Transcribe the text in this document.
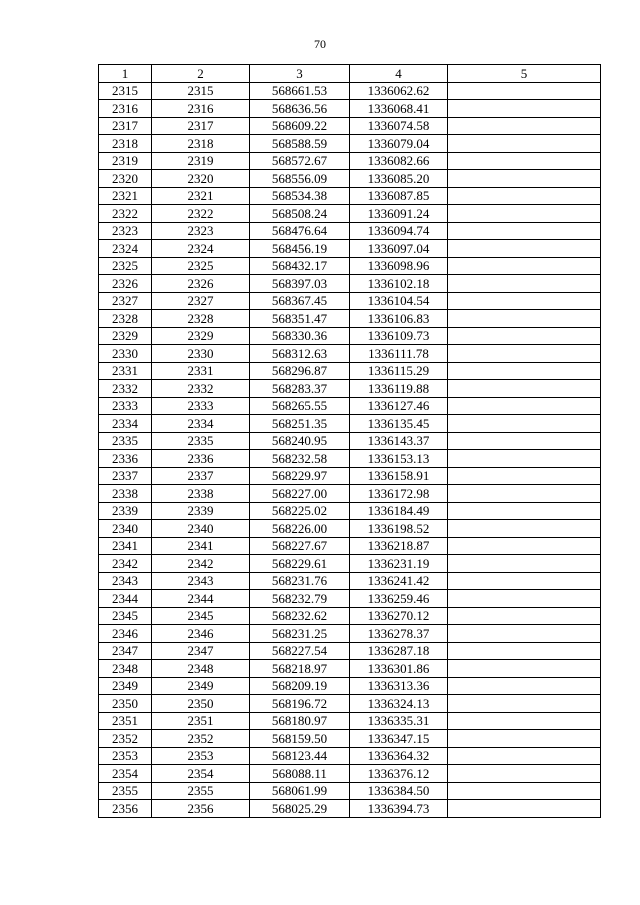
70
1	2	3	4	5
2315	2315	568661.53	1336062.62	
2316	2316	568636.56	1336068.41	
2317	2317	568609.22	1336074.58	
2318	2318	568588.59	1336079.04	
2319	2319	568572.67	1336082.66	
2320	2320	568556.09	1336085.20	
2321	2321	568534.38	1336087.85	
2322	2322	568508.24	1336091.24	
2323	2323	568476.64	1336094.74	
2324	2324	568456.19	1336097.04	
2325	2325	568432.17	1336098.96	
2326	2326	568397.03	1336102.18	
2327	2327	568367.45	1336104.54	
2328	2328	568351.47	1336106.83	
2329	2329	568330.36	1336109.73	
2330	2330	568312.63	1336111.78	
2331	2331	568296.87	1336115.29	
2332	2332	568283.37	1336119.88	
2333	2333	568265.55	1336127.46	
2334	2334	568251.35	1336135.45	
2335	2335	568240.95	1336143.37	
2336	2336	568232.58	1336153.13	
2337	2337	568229.97	1336158.91	
2338	2338	568227.00	1336172.98	
2339	2339	568225.02	1336184.49	
2340	2340	568226.00	1336198.52	
2341	2341	568227.67	1336218.87	
2342	2342	568229.61	1336231.19	
2343	2343	568231.76	1336241.42	
2344	2344	568232.79	1336259.46	
2345	2345	568232.62	1336270.12	
2346	2346	568231.25	1336278.37	
2347	2347	568227.54	1336287.18	
2348	2348	568218.97	1336301.86	
2349	2349	568209.19	1336313.36	
2350	2350	568196.72	1336324.13	
2351	2351	568180.97	1336335.31	
2352	2352	568159.50	1336347.15	
2353	2353	568123.44	1336364.32	
2354	2354	568088.11	1336376.12	
2355	2355	568061.99	1336384.50	
2356	2356	568025.29	1336394.73	
